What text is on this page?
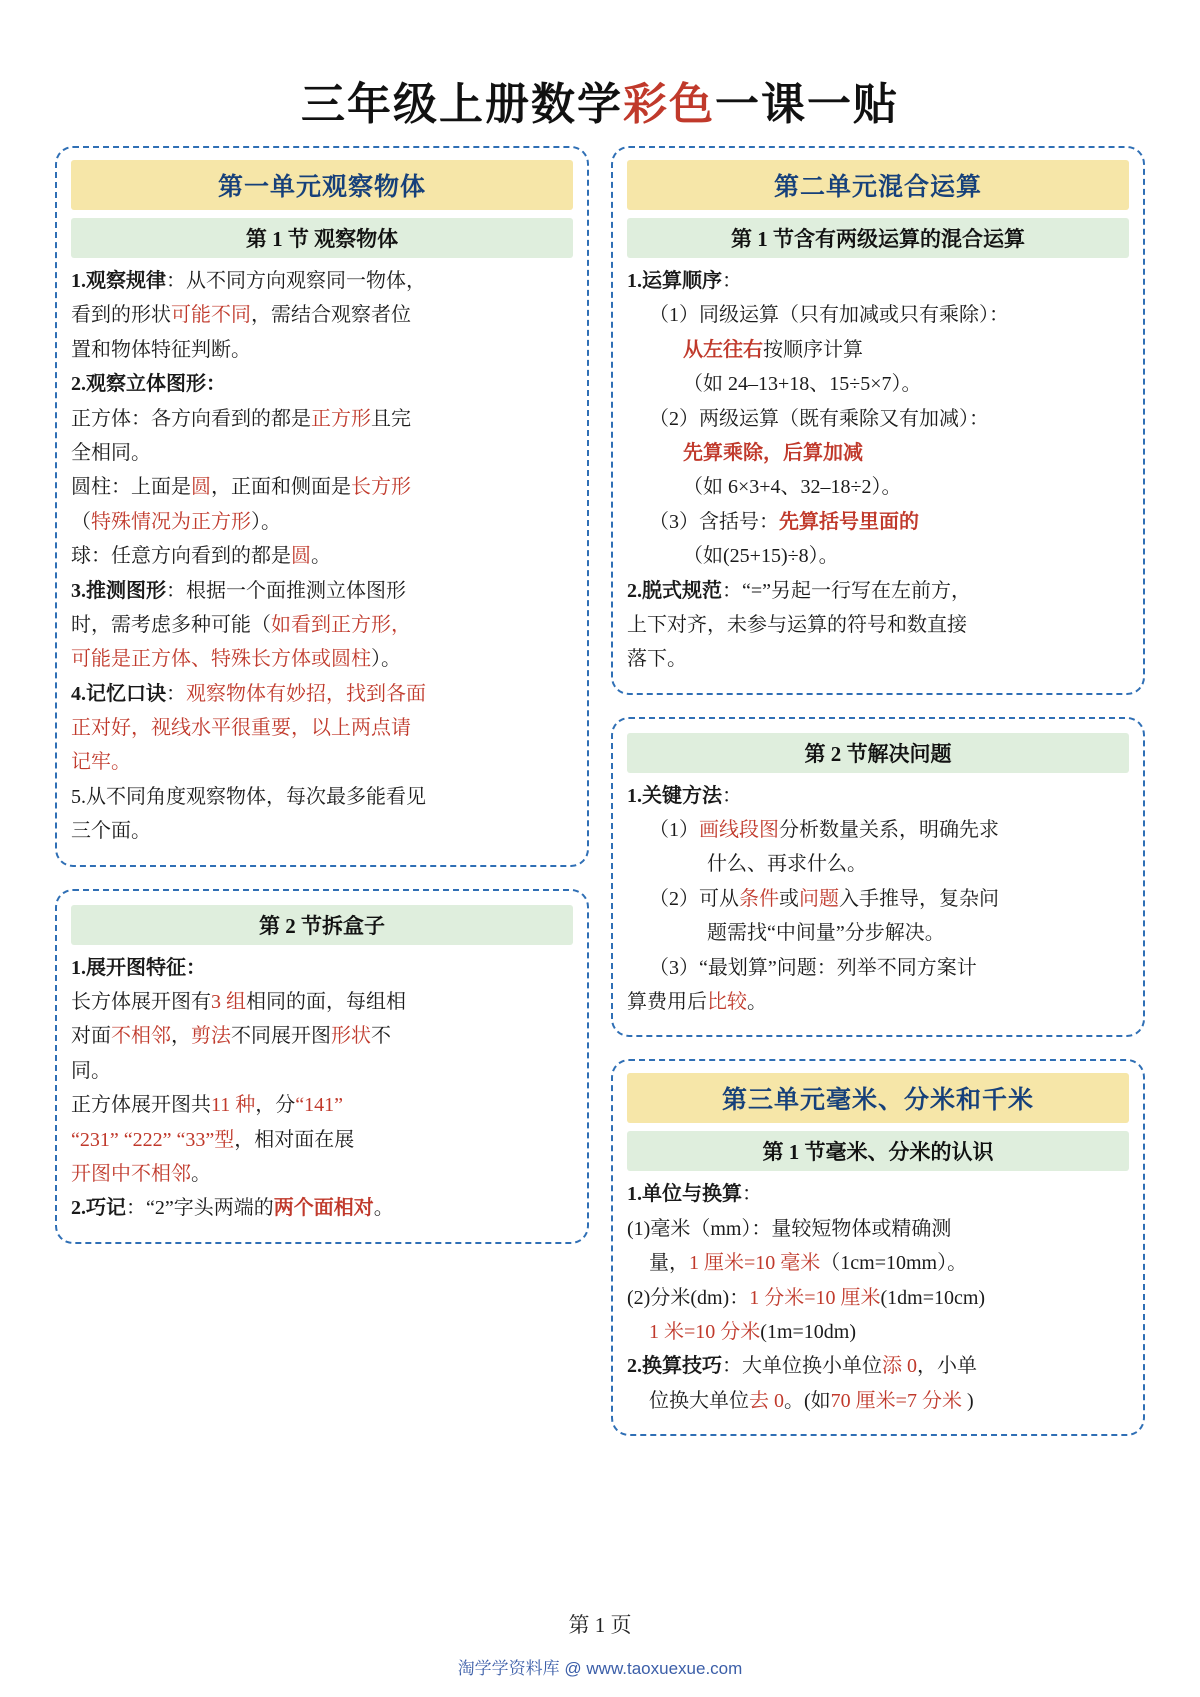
三年级上册数学彩色一课一贴
第一单元观察物体
第 1 节 观察物体

1.观察规律：从不同方向观察同一物体，

看到的形状可能不同，需结合观察者位

置和物体特征判断。

2.观察立体图形：

正方体：各方向看到的都是正方形且完

全相同。

圆柱：上面是圆，正面和侧面是长方形

（特殊情况为正方形）。

球：任意方向看到的都是圆。

3.推测图形：根据一个面推测立体图形

时，需考虑多种可能（如看到正方形，

可能是正方体、特殊长方体或圆柱）。

4.记忆口诀：观察物体有妙招，找到各面

正对好，视线水平很重要，以上两点请

记牢。

5.从不同角度观察物体，每次最多能看见

三个面。

第 2 节拆盒子

1.展开图特征：

长方体展开图有3 组相同的面，每组相

对面不相邻，剪法不同展开图形状不

同。

正方体展开图共11 种，分“141”

“231” “222” “33”型，相对面在展

开图中不相邻。

2.巧记：“2”字头两端的两个面相对。

第二单元混合运算
第 1 节含有两级运算的混合运算

1.运算顺序：

（1）同级运算（只有加减或只有乘除）：

从左往右按顺序计算

（如 24–13+18、15÷5×7）。

（2）两级运算（既有乘除又有加减）：

先算乘除，后算加减

（如 6×3+4、32–18÷2）。

（3）含括号：先算括号里面的

（如(25+15)÷8）。

2.脱式规范：“=”另起一行写在左前方，

上下对齐，未参与运算的符号和数直接

落下。

第 2 节解决问题

1.关键方法：

（1）画线段图分析数量关系，明确先求

什么、再求什么。

（2）可从条件或问题入手推导，复杂问

题需找“中间量”分步解决。

（3）“最划算”问题：列举不同方案计

算费用后比较。

第三单元毫米、分米和千米
第 1 节毫米、分米的认识

1.单位与换算：

(1)毫米（mm）：量较短物体或精确测

量，1 厘米=10 毫米（1cm=10mm）。

(2)分米(dm)：1 分米=10 厘米(1dm=10cm)

1 米=10 分米(1m=10dm)

2.换算技巧：大单位换小单位添 0，小单

位换大单位去 0。(如70 厘米=7 分米 )

第 1 页
淘学学资料库 @ www.taoxuexue.com
